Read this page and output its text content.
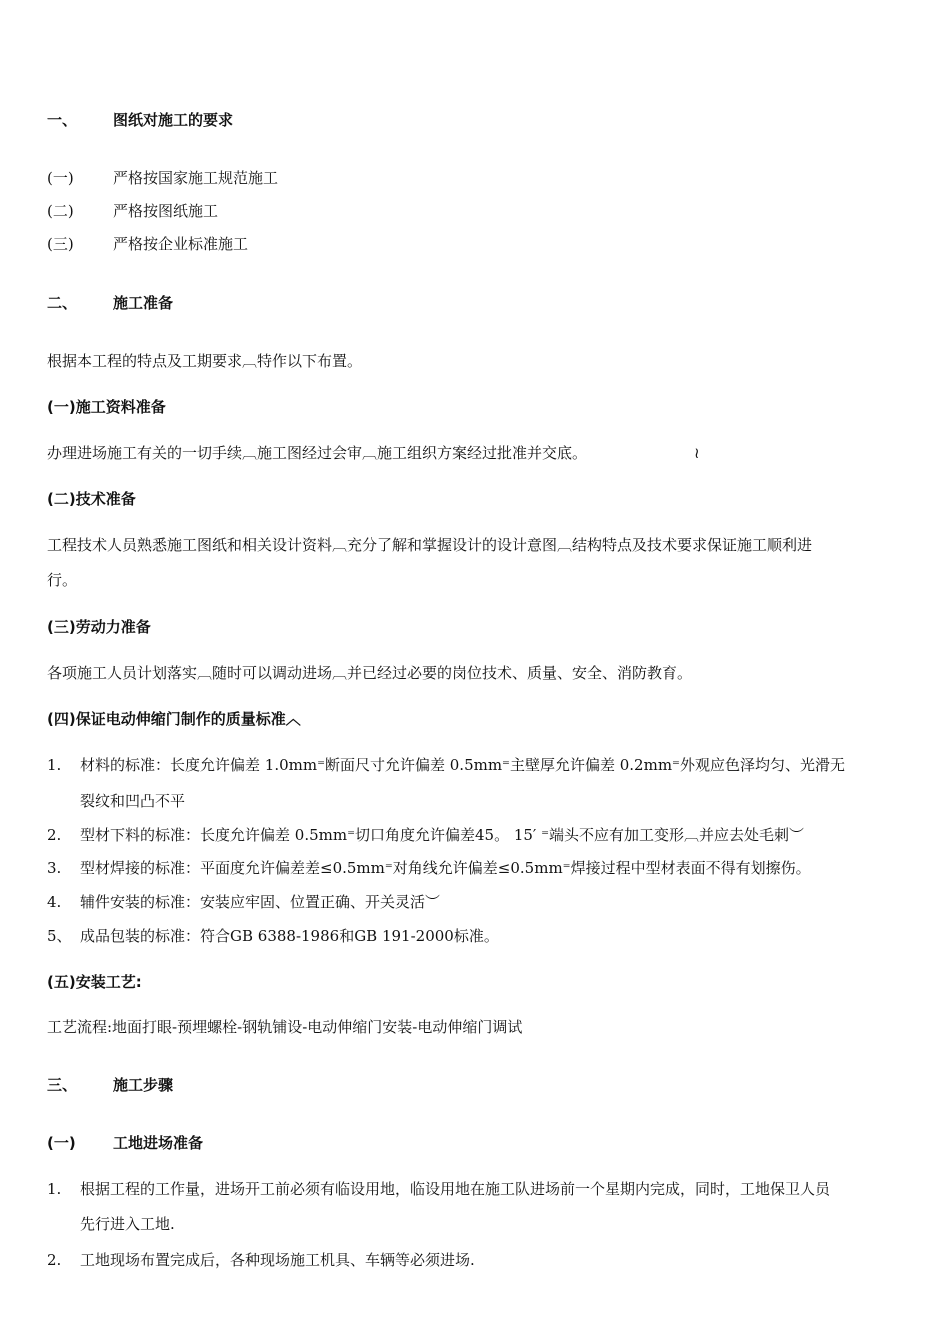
一、 图纸对施工的要求
(一)	严格按国家施工规范施工
(二)	严格按图纸施工
(三)	严格按企业标准施工
二、 施工准备
根据本工程的特点及工期要求︹特作以下布置。
(一)施工资料准备
办理进场施工有关的一切手续︹施工图经过会审︹施工组织方案经过批准并交底。	≀
(二)技术准备
工程技术人员熟悉施工图纸和相关设计资料︹充分了解和掌握设计的设计意图︹结构特点及技术要求保证施工顺利进
行。
(三)劳动力准备
各项施工人员计划落实︹随时可以调动进场︹并已经过必要的岗位技术、质量、安全、消防教育。
(四)保证电动伸缩门制作的质量标准︿
1. 材料的标准：长度允许偏差 1.0mm⁼断面尺寸允许偏差 0.5mm⁼主壁厚允许偏差 0.2mm⁼外观应色泽均匀、光滑无
裂纹和凹凸不平
2. 型材下料的标准：长度允许偏差 0.5mm⁼切口角度允许偏差45。 15′ ⁼端头不应有加工变形︹并应去处毛刺︶
3. 型材焊接的标准：平面度允许偏差差≤0.5mm⁼对角线允许偏差≤0.5mm⁼焊接过程中型材表面不得有划擦伤。
4. 辅件安装的标准：安装应牢固、位置正确、开关灵活︶
5、 成品包装的标准：符合GB 6388-1986和GB 191-2000标准。
(五)安装工艺:
工艺流程:地面打眼-预埋螺栓-钢轨铺设-电动伸缩门安装-电动伸缩门调试
三、 施工步骤
(一) 工地进场准备
1. 根据工程的工作量，进场开工前必须有临设用地，临设用地在施工队进场前一个星期内完成，同时，工地保卫人员
先行进入工地.
2. 工地现场布置完成后，各种现场施工机具、车辆等必须进场.
